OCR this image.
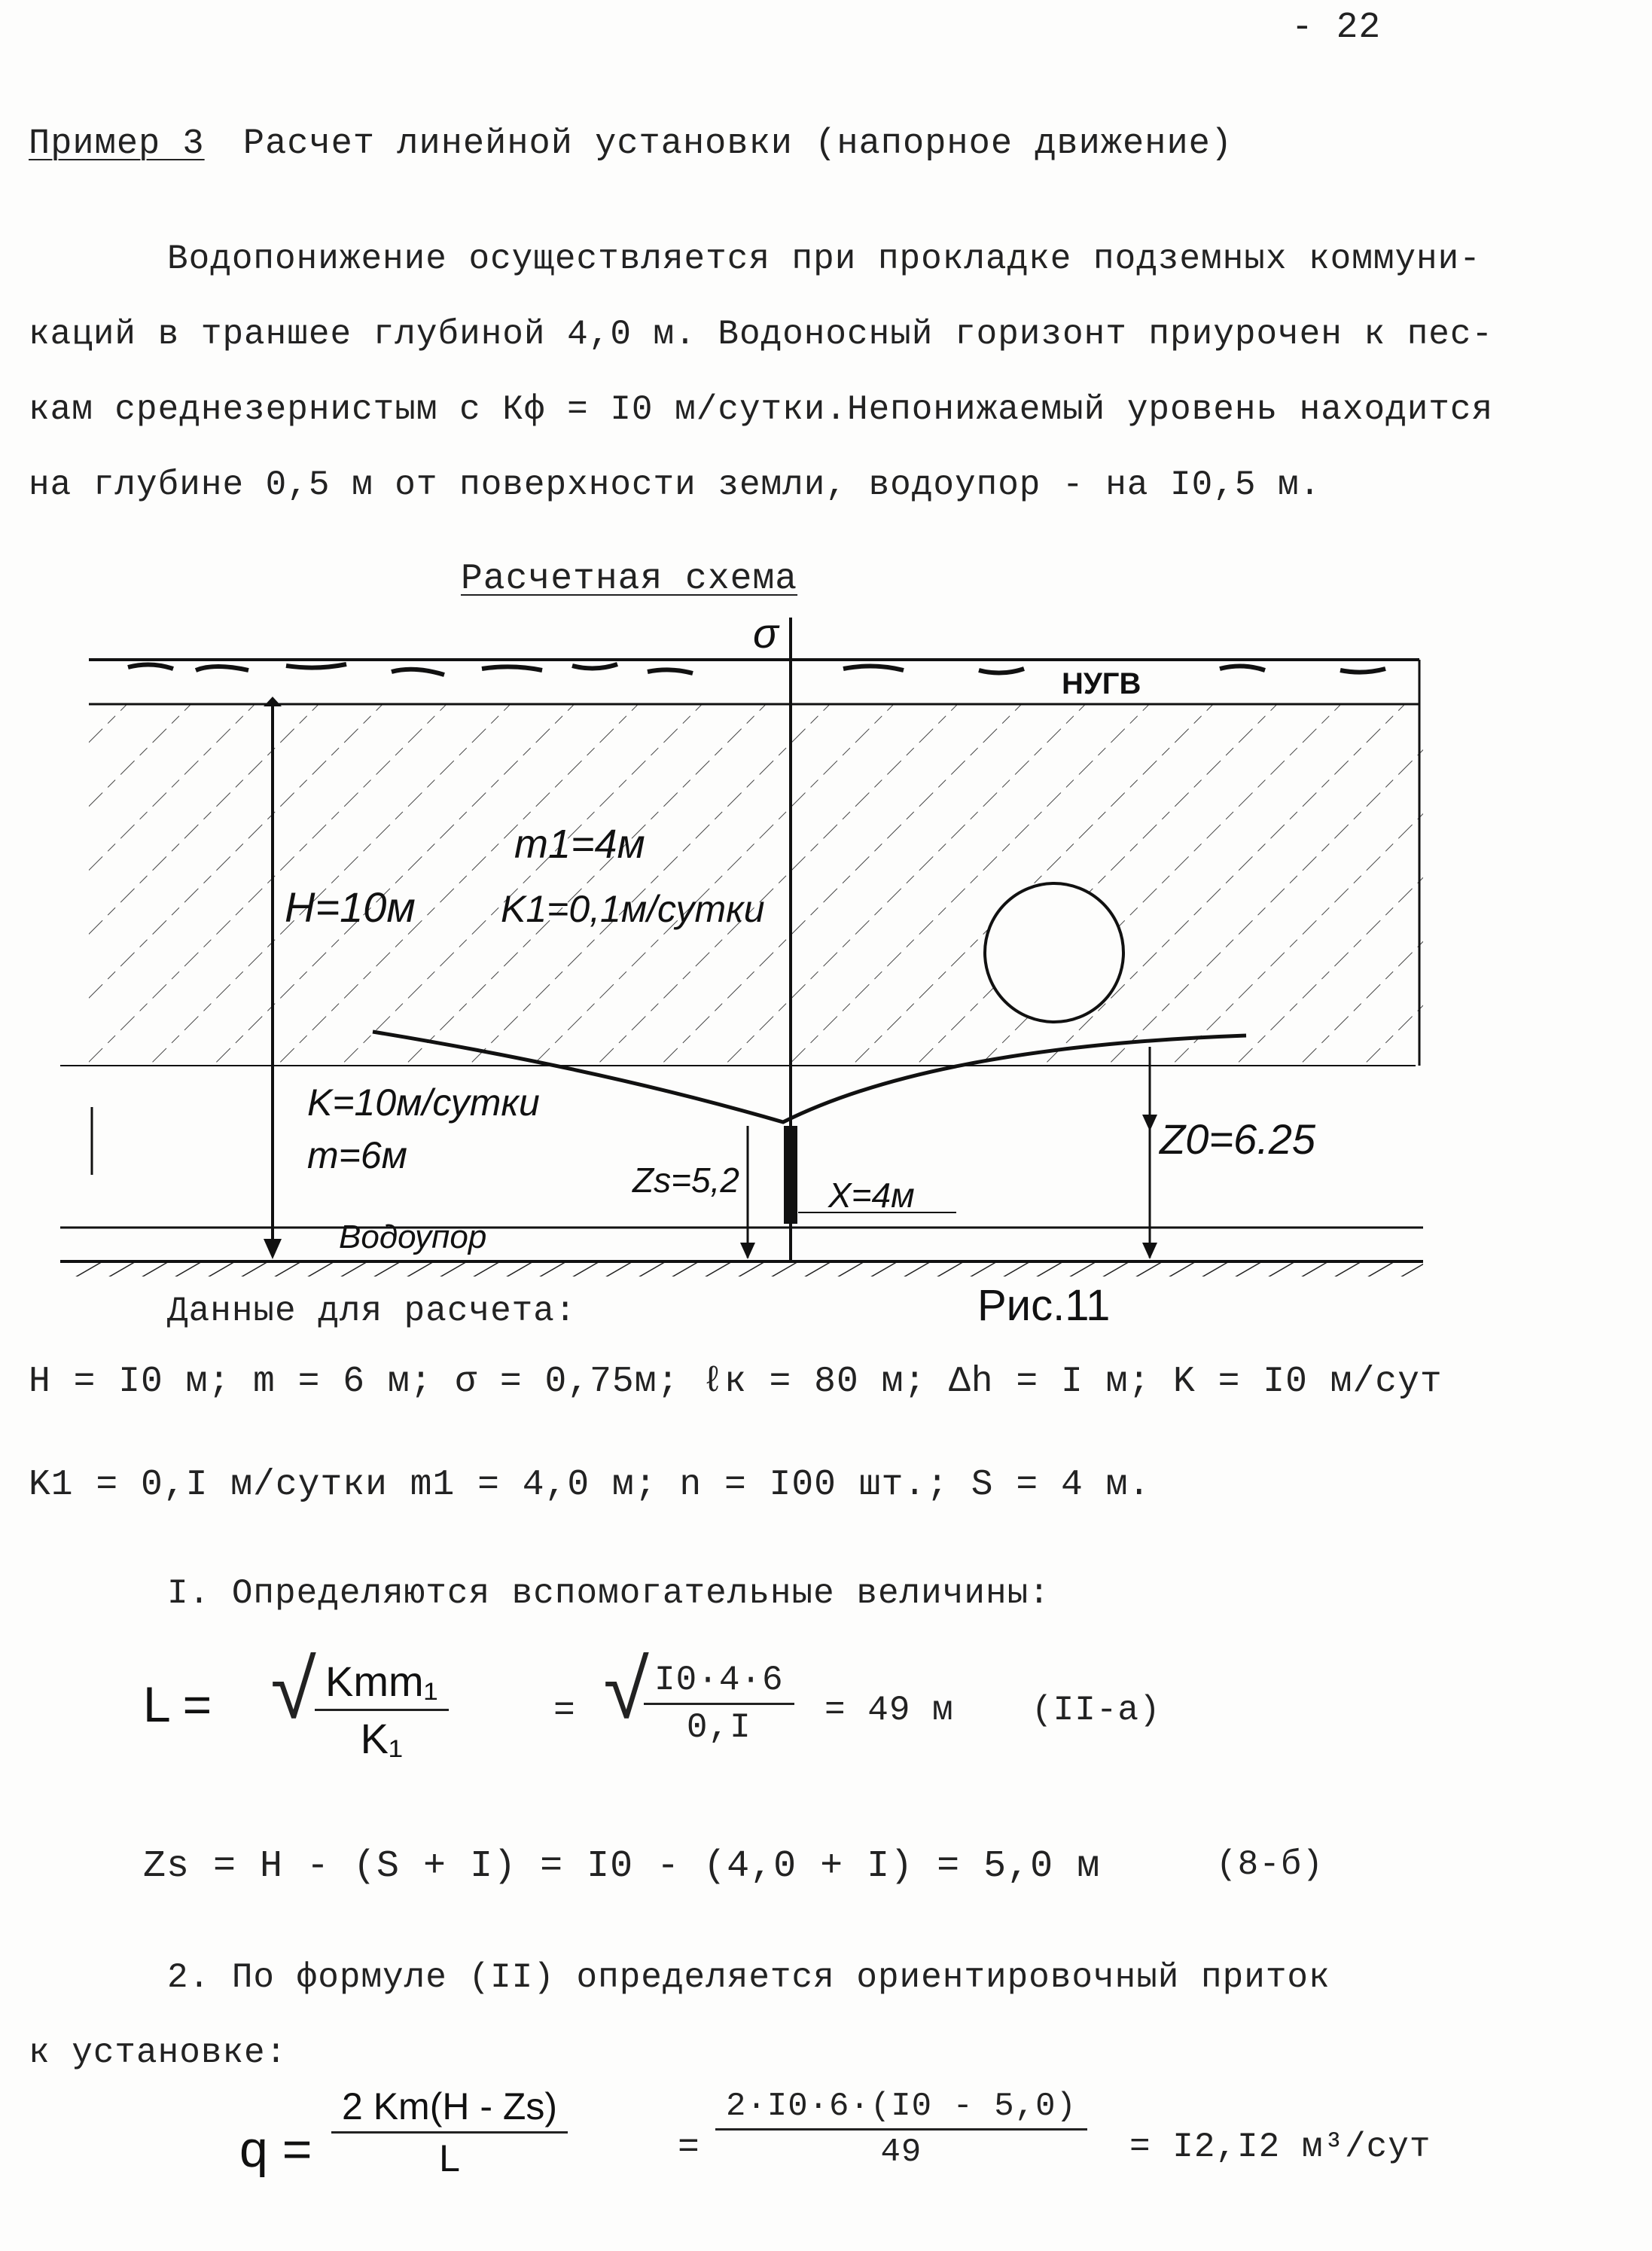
- 22
Пример 3 Расчет линейной установки (напорное движение)
Водопонижение осуществляется при прокладке подземных коммуни-
каций в траншее глубиной 4,0 м. Водоносный горизонт приурочен к пес-
кам среднезернистым с Кф = I0 м/сутки.Непонижаемый уровень находится
на глубине 0,5 м от поверхности земли, водоупор - на I0,5 м.
Расчетная схема
σ
НУГВ
H=10м
m1=4м
K1=0,1м/сутки
K=10м/сутки
m=6м
Zs=5,2	X=4м
Z0=6.25
Водоупор
Рис.11
Данные для расчета:
H = I0 м; m = 6 м; σ = 0,75м; ℓк = 80 м; Δh = I м; K = I0 м/сут
K1 = 0,I м/сутки m1 = 4,0 м; n = I00 шт.; S = 4 м.
I. Определяются вспомогательные величины:
L = √ Kmm₁
K₁
= √
$\frac{I0\cdot 4\cdot 6}{0,I} = 49$ м (II-а)
Zs = H - (S + I) = I0 - (4,0 + I) = 5,0 м	(8-б)
2. По формуле (II) определяется ориентировочный приток
к установке:
$q = \frac{2 Km(H - Zs)}{L}$	= $\frac{2\cdot I0\cdot 6\cdot(I0 - 5,0)}{49} = I2,I2$ м³/сут
